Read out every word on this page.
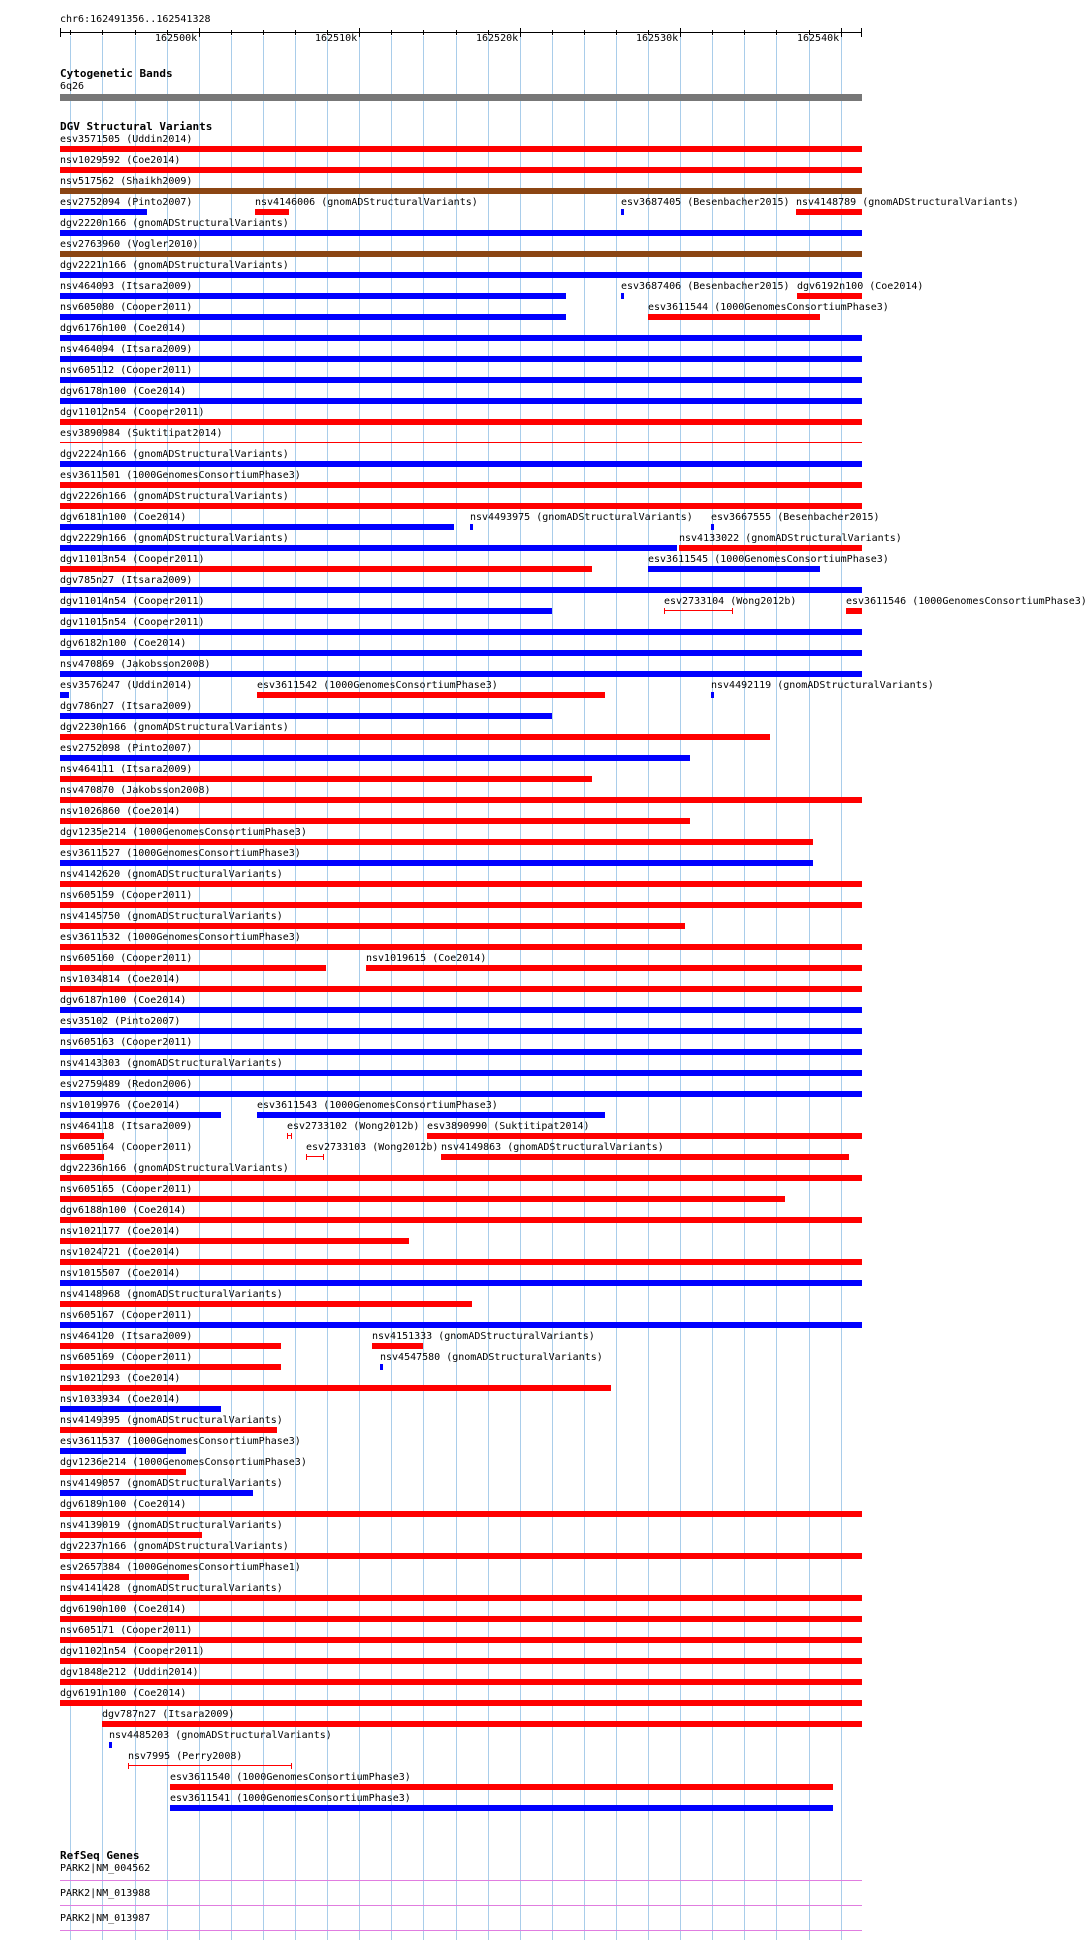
chr6:162491356..162541328
162500k	162510k	162520k	162530k	162540k
Cytogenetic Bands
6q26
DGV Structural Variants
esv3571505 (Uddin2014)
nsv1029592 (Coe2014)
nsv517562 (Shaikh2009)
esv2752094 (Pinto2007)	nsv4146006 (gnomADStructuralVariants)	esv3687405 (Besenbacher2015) nsv4148789 (gnomADStructuralVariants)
dgv2220n166 (gnomADStructuralVariants)
esv2763960 (Vogler2010)
dgv2221n166 (gnomADStructuralVariants)
nsv464093 (Itsara2009)	esv3687406 (Besenbacher2015) dgv6192n100 (Coe2014)
nsv605080 (Cooper2011)	esv3611544 (1000GenomesConsortiumPhase3)
dgv6176n100 (Coe2014)
nsv464094 (Itsara2009)
nsv605112 (Cooper2011)
dgv6178n100 (Coe2014)
dgv11012n54 (Cooper2011)
esv3890984 (Suktitipat2014)
dgv2224n166 (gnomADStructuralVariants)
esv3611501 (1000GenomesConsortiumPhase3)
dgv2226n166 (gnomADStructuralVariants)
dgv6181n100 (Coe2014)	nsv4493975 (gnomADStructuralVariants) esv3667555 (Besenbacher2015)
dgv2229n166 (gnomADStructuralVariants)	nsv4133022 (gnomADStructuralVariants)
dgv11013n54 (Cooper2011)	esv3611545 (1000GenomesConsortiumPhase3)
dgv785n27 (Itsara2009)
dgv11014n54 (Cooper2011)	esv2733104 (Wong2012b)	esv3611546 (1000GenomesConsortiumPhase3)
dgv11015n54 (Cooper2011)
dgv6182n100 (Coe2014)
nsv470869 (Jakobsson2008)
esv3576247 (Uddin2014)	esv3611542 (1000GenomesConsortiumPhase3)	nsv4492119 (gnomADStructuralVariants)
dgv786n27 (Itsara2009)
dgv2230n166 (gnomADStructuralVariants)
esv2752098 (Pinto2007)
nsv464111 (Itsara2009)
nsv470870 (Jakobsson2008)
nsv1026860 (Coe2014)
dgv1235e214 (1000GenomesConsortiumPhase3)
esv3611527 (1000GenomesConsortiumPhase3)
nsv4142620 (gnomADStructuralVariants)
nsv605159 (Cooper2011)
nsv4145750 (gnomADStructuralVariants)
esv3611532 (1000GenomesConsortiumPhase3)
nsv605160 (Cooper2011)	nsv1019615 (Coe2014)
nsv1034814 (Coe2014)
dgv6187n100 (Coe2014)
esv35102 (Pinto2007)
nsv605163 (Cooper2011)
nsv4143303 (gnomADStructuralVariants)
esv2759489 (Redon2006)
nsv1019976 (Coe2014)	esv3611543 (1000GenomesConsortiumPhase3)
nsv464118 (Itsara2009)	esv2733102 (Wong2012b) esv3890990 (Suktitipat2014)
nsv605164 (Cooper2011)	esv2733103 (Wong2012b) nsv4149863 (gnomADStructuralVariants)
dgv2236n166 (gnomADStructuralVariants)
nsv605165 (Cooper2011)
dgv6188n100 (Coe2014)
nsv1021177 (Coe2014)
nsv1024721 (Coe2014)
nsv1015507 (Coe2014)
nsv4148968 (gnomADStructuralVariants)
nsv605167 (Cooper2011)
nsv464120 (Itsara2009)	nsv4151333 (gnomADStructuralVariants)
nsv605169 (Cooper2011)	nsv4547580 (gnomADStructuralVariants)
nsv1021293 (Coe2014)
nsv1033934 (Coe2014)
nsv4149395 (gnomADStructuralVariants)
esv3611537 (1000GenomesConsortiumPhase3)
dgv1236e214 (1000GenomesConsortiumPhase3)
nsv4149057 (gnomADStructuralVariants)
dgv6189n100 (Coe2014)
nsv4139019 (gnomADStructuralVariants)
dgv2237n166 (gnomADStructuralVariants)
esv2657384 (1000GenomesConsortiumPhase1)
nsv4141428 (gnomADStructuralVariants)
dgv6190n100 (Coe2014)
nsv605171 (Cooper2011)
dgv11021n54 (Cooper2011)
dgv1848e212 (Uddin2014)
dgv6191n100 (Coe2014)
dgv787n27 (Itsara2009)
nsv4485203 (gnomADStructuralVariants)
nsv7995 (Perry2008)
esv3611540 (1000GenomesConsortiumPhase3)
esv3611541 (1000GenomesConsortiumPhase3)
RefSeq Genes
PARK2|NM_004562
PARK2|NM_013988
PARK2|NM_013987
